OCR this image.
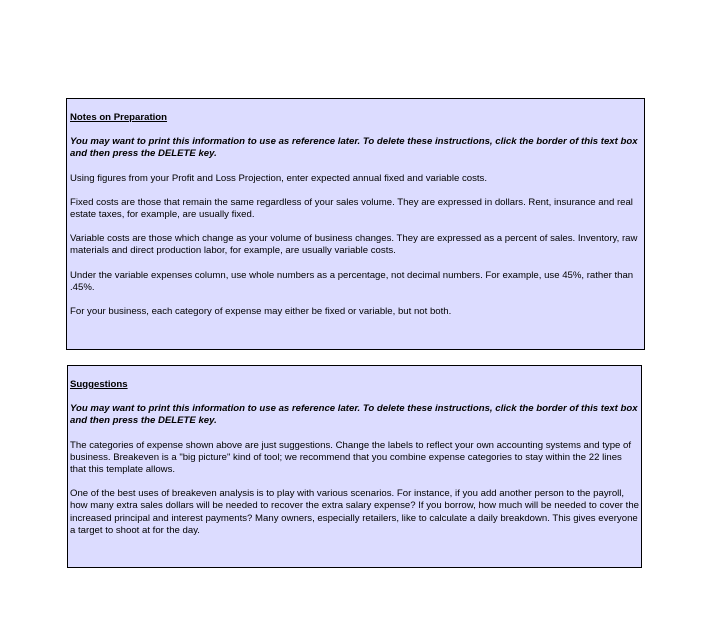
Notes on Preparation
You may want to print this information to use as reference later. To delete these instructions, click the border of this text box and then press the DELETE key.
Using figures from your Profit and Loss Projection, enter expected annual fixed and variable costs.
Fixed costs are those that remain the same regardless of your sales volume. They are expressed in dollars. Rent, insurance and real estate taxes, for example, are usually fixed.
Variable costs are those which change as your volume of business changes. They are expressed as a percent of sales. Inventory, raw materials and direct production labor, for example, are usually variable costs.
Under the variable expenses column, use whole numbers as a percentage, not decimal numbers. For example, use 45%, rather than .45%.
For your business, each category of expense may either be fixed or variable, but not both.
Suggestions
You may want to print this information to use as reference later. To delete these instructions, click the border of this text box and then press the DELETE key.
The categories of expense shown above are just suggestions. Change the labels to reflect your own accounting systems and type of business. Breakeven is a "big picture" kind of tool; we recommend that you combine expense categories to stay within the 22 lines that this template allows.
One of the best uses of breakeven analysis is to play with various scenarios. For instance, if you add another person to the payroll, how many extra sales dollars will be needed to recover the extra salary expense? If you borrow, how much will be needed to cover the increased principal and interest payments? Many owners, especially retailers, like to calculate a daily breakdown. This gives everyone a target to shoot at for the day.
